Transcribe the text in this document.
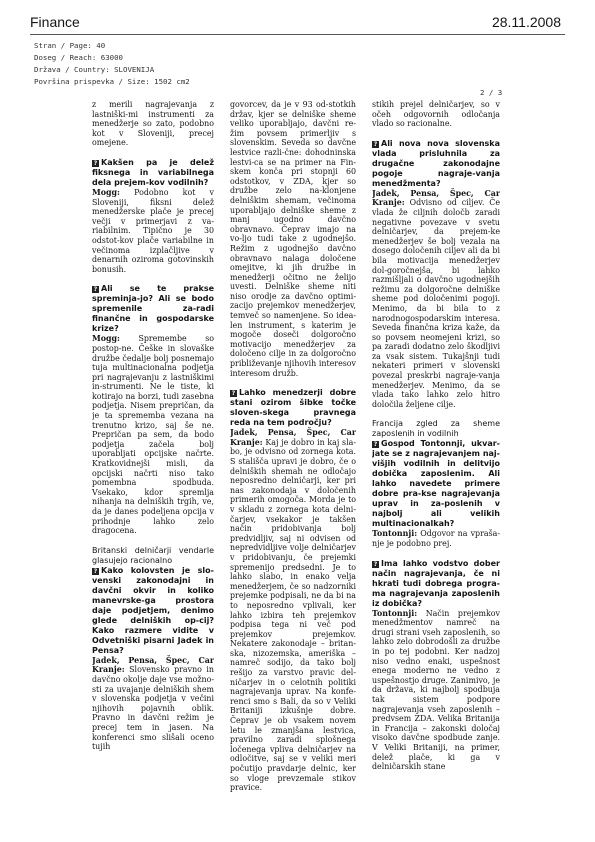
Finance	28.11.2008
Stran / Page: 40
Doseg / Reach: 63000
Država / Country: SLOVENIJA
Površina prispevka / Size: 1502 cm2
2 / 3

z merili nagrajevanja z lastniški-mi instrumenti za menedžerje so zato, podobno kot v Sloveniji, precej omejene.

? Kakšen pa je delež fiksnega in variabilnega dela prejem-kov vodilnih?

Mogg: Podobno kot v Sloveniji, fiksni delež menedžerske plače je precej večji v primerjavi z va-riabilnim. Tipično je 30 odstot-kov plače variabilne in večinoma izplačljive v denarnih oziroma gotovinskih bonusih.

? Ali se te prakse spreminja-jo? Ali se bodo spremenile za-radi finančne in gospodarske krize?

Mogg: Spremembe so postop-ne. Češke in slovaške družbe čedalje bolj posnemajo tuja multinacionalna podjetja pri nagrajevanju z lastniškimi in-strumenti. Ne le tiste, ki kotirajo na borzi, tudi zasebna podjetja. Nisem prepričan, da je ta sprememba vezana na trenutno krizo, saj še ne. Prepričan pa sem, da bodo podjetja začela bolj uporabljati opcijske načrte. Kratkovidnejši misli, da opcijski načrti niso tako pomembna spodbuda. Vsekako, kdor spremlja nihanja na delniških trgih, ve, da je danes podeljena opcija v prihodnje lahko zelo dragocena.

Britanski delničarji vendarle glasujejo racionalno

? Kako kolovsten je slo-venski zakonodajni in davčni okvir in koliko manevrske-ga prostora daje podjetjem, denimo glede delniških op-cij? Kako razmere vidite v Odvetniški pisarni Jadek in Pensa?

Jadek, Pensa, Špec, Car Kranje: Slovensko pravno in davčno okolje daje vse možno-sti za uvajanje delniških shem v slovenska podjetja v večini njihovih pojavnih oblik. Pravno in davčni režim je precej tem in jasen. Na konferenci smo slišali oceno tujih

govorcev, da je v 93 od-stotkih držav, kjer se delniške sheme veliko uporabljajo, davčni re-žim povsem primerljiv s slovenskim. Seveda so davčne lestvice razli-čne: dohodninska lestvi-ca se na primer na Fin-skem konča pri stopnji 60 odstotkov, v ZDA, kjer so družbe zelo na-klonjene delniškim shemam, večinoma uporabljajo delniške sheme z manj ugodno davčno obravnavo. Čeprav imajo na vo-ljo tudi take z ugodnejšo. Režim z ugodnejšo davčno obravnavo nalaga določene omejitve, ki jih družbe in menedžerji očitno ne želijo uvesti. Delniške sheme niti niso orodje za davčno optimi-zacijo prejemkov menedžerjev, temveč so namenjene. So idea-len instrument, s katerim je mogoče doseči dolgoročno motivacijo menedžerjev za določeno cilje in za dolgoročno približevanje njihovih interesov interesom družb.

? Lahko menedzerji dobre stani ozirom šibke točke sloven-skega pravnega reda na tem področju?

Jadek, Pensa, Špec, Car Kranje: Kaj je dobro in kaj sla-bo, je odvisno od zornega kota. S stališča upravi je dobro, če o delniških shemah ne odločajo neposredno delničarji, ker pri nas zakonodaja v določenih primerih omogoča. Morda je to v skladu z zornega kota delni-čarjev, vsekakor je takšen način pridobivanja bolj predvidljiv, saj ni odvisen od nepredvidljive volje delničarjev v pridobivanju, če prejemki spremenijo predsedni. Je to lahko slabo, in enako velja menedžerjem, če so nadzorniki prejemke podpisali, ne da bi na to neposredno vplivali, ker lahko izbira teh prejemkov podpisa tega ni več pod prejemkov prejemkov. Nekatere zakonodaje – britan-ska, nizozemska, ameriška – namreč sodijo, da tako bolj rešijo za varstvo pravic del-ničarjev in o celotnih politiki nagrajevanja uprav. Na konfe-renci smo s Bali, da so v Veliki Britaniji izkušnje dobre. Čeprav je ob vsakem novem letu le zmanjšana lestvica, pravilno zaradi splošnega ločenega vpliva delničarjev na odločitve, saj se v veliki meri počutijo pravdarje delnic, ker so vloge prevzemale stikov pravice.

stikih prejel delničarjev, so v očeh odgovornih odločanja vlado so racionalne.

? Ali nova nova slovenska vlada prisluhnila za drugačne zakonodajne pogoje nagraje-vanja menedžmenta?

Jadek, Pensa, Špec, Car Kranje: Odvisno od ciljev. Če vlada že ciljnih določb zaradi negativne povezave v svetu delničarjev, da prejem-ke menedžerjev še bolj vezala na dosego določenih ciljev ali da bi bila motivacija menedžerjev dol-goročnejša, bi lahko razmišljali o davčno ugodnejših režimu za dolgoročne delniške sheme pod določenimi pogoji. Menimo, da bi bila to z narodnogospodarskim interesa. Seveda finančna kriza kaže, da so povsem neomejeni krizi, so pa zaradi dodatno zelo škodljivi za vsak sistem. Tukajšnji tudi nekateri primeri v slovenski povezal preskrbi nagraje-vanja menedžerjev. Menimo, da se vlada tako lahko zelo hitro določila željene cilje.

Francija zgled za sheme zaposlenih in vodilnih

? Gospod Tontonnji, ukvar-jate se z nagrajevanjem naj-višjih vodilnih in delitvijo dobička zaposlenim. Ali lahko navedete primere dobre pra-kse nagrajevanja uprav in za-poslenih v najbolj ali velikih multinacionalkah?

Tontonnji: Odgovor na vpraša-nje je podobno prej.

? Ima lahko vodstvo dober način nagrajevanja, če ni hkrati tudi dobrega progra-ma nagrajevanja zaposlenih iz dobička?

Tontonnji: Način prejemkov menedžmentov namreč na drugi strani vseh zaposlenih, so lahko zelo dobrodošli za družbe in po tej podobni. Ker nadzoj niso vedno enaki, uspešnost enega moderno ne vedno z uspešnostjo druge. Zanimivo, je da država, ki najbolj spodbuja tak sistem podpore nagrajevanja vseh zaposlenih – predvsem ZDA. Velika Britanija in Francija – zakonski določaj visoko davčne spodbude zanje. V Veliki Britaniji, na primer, delež plače, ki ga v delničarskih stane
